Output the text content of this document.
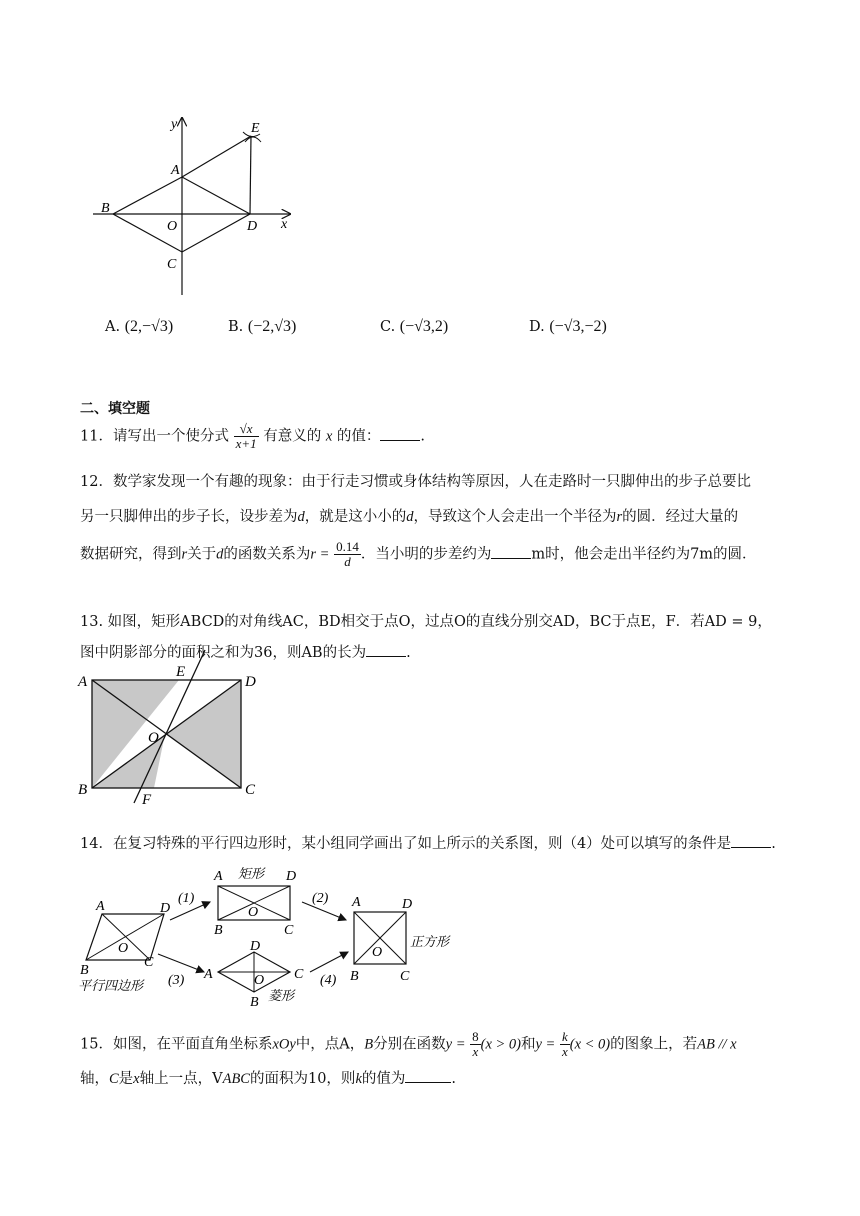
y
x
E
A
B
O	D
C
A. (2,−√3)	B. (−2,√3)	C. (−√3,2)	D. (−√3,−2)
二、填空题
11．请写出一个使分式 $\frac{√x}{x+1}$ 有意义的 x 的值：	.
12．数学家发现一个有趣的现象：由于行走习惯或身体结构等原因，人在走路时一只脚伸出的步子总要比
另一只脚伸出的步子长，设步差为d，就是这小小的d，导致这个人会走出一个半径为r的圆．经过大量的
数据研究，得到r关于d的函数关系为$r = \frac{0.14}{d}$ ．当小明的步差约为	m时，他会走出半径约为7m的圆．
13. 如图，矩形ABCD的对角线AC，BD相交于点O，过点O的直线分别交AD，BC于点E，F．若AD = 9，
图中阴影部分的面积之和为36，则AB的长为	.
A
E
D
O
B
F
C
14．在复习特殊的平行四边形时，某小组同学画出了如上所示的关系图，则（4）处可以填写的条件是	.
A	D
O
B
C
平行四边形
A 矩形 D
O
B	C
A	D
O
B	C
正方形
D
A	O C
B 菱形
(1)	(2)
(3)	(4)
15．如图，在平面直角坐标系xOy中，点A，B分别在函数$y = \frac{8}{x} (x > 0)$和$y = \frac{k}{x} (x < 0)$的图象上，若AB // x
轴，C是x轴上一点，VABC的面积为10，则k的值为	.
